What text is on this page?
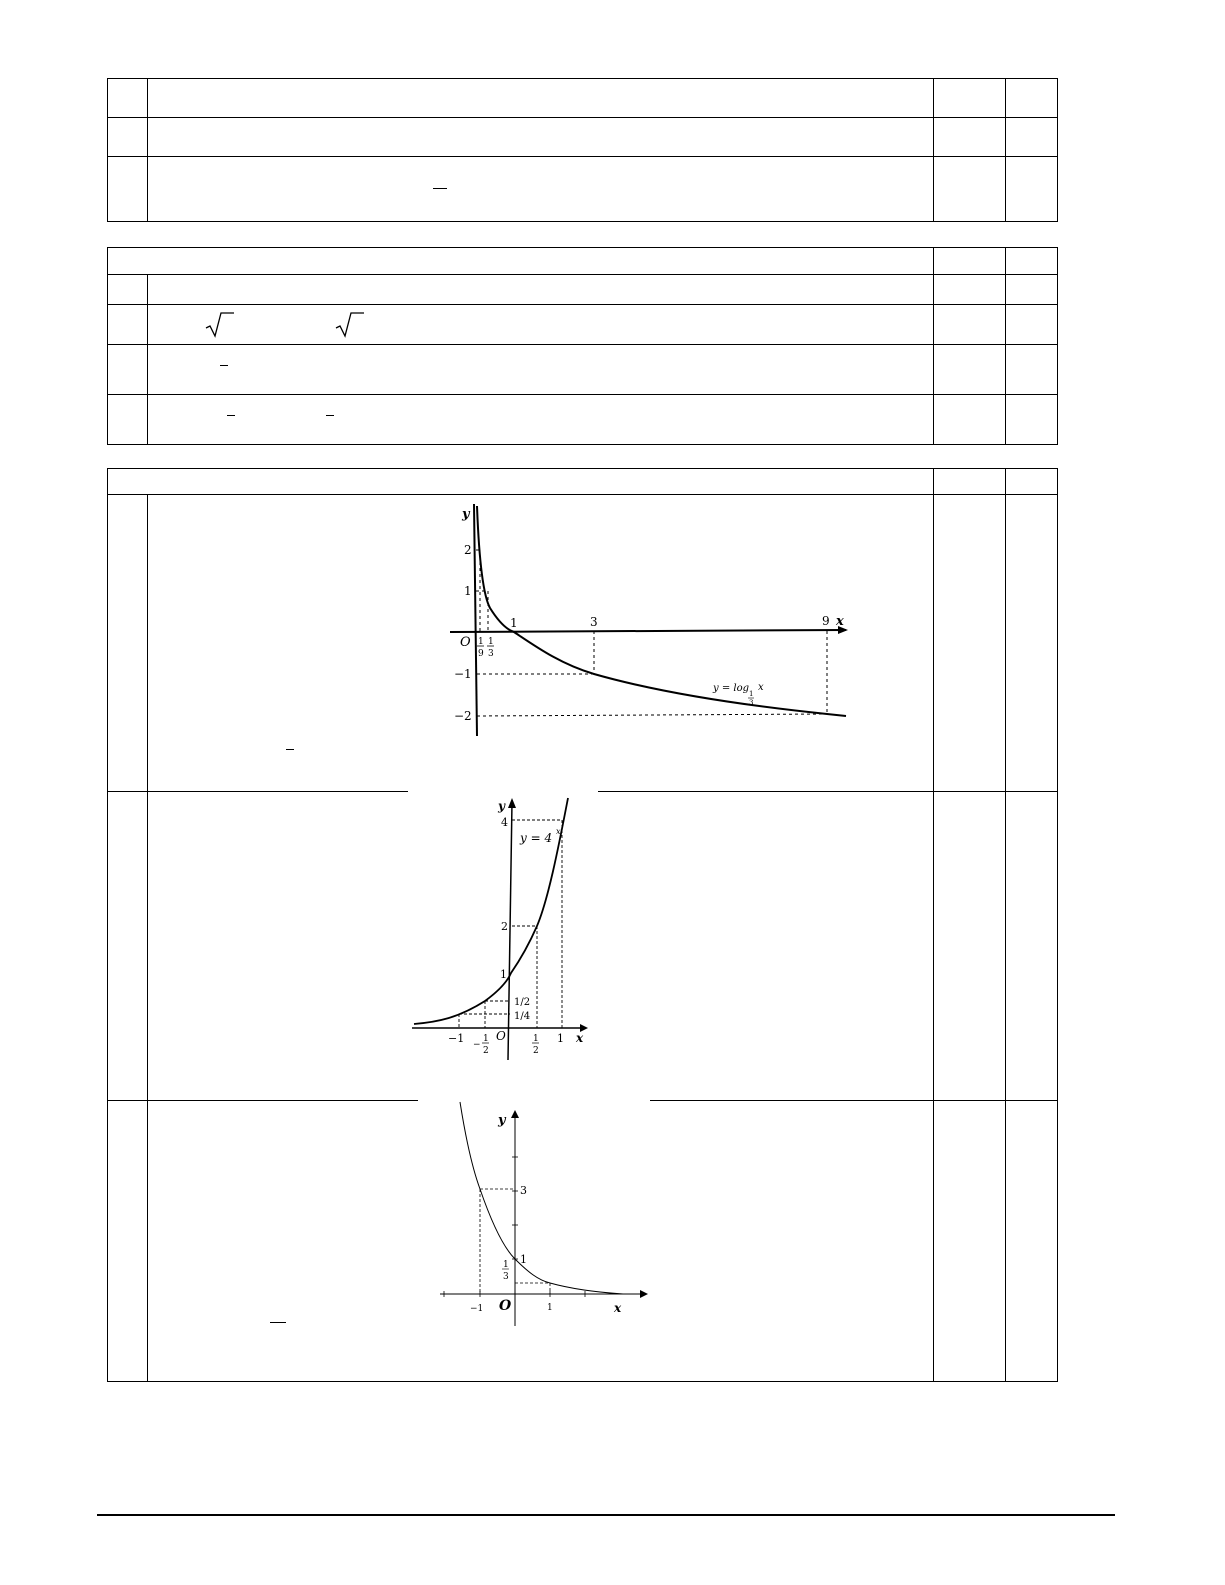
y
2
1
−1
−2
O
1	3	9 x
1
9
1
3
y = log 1
3
x
y
4
2
1
1/2
1/4
y = 4 x
−1	1
O	x
−
1
2
1
2
y
3
1
1
3
−1	1
O	x
